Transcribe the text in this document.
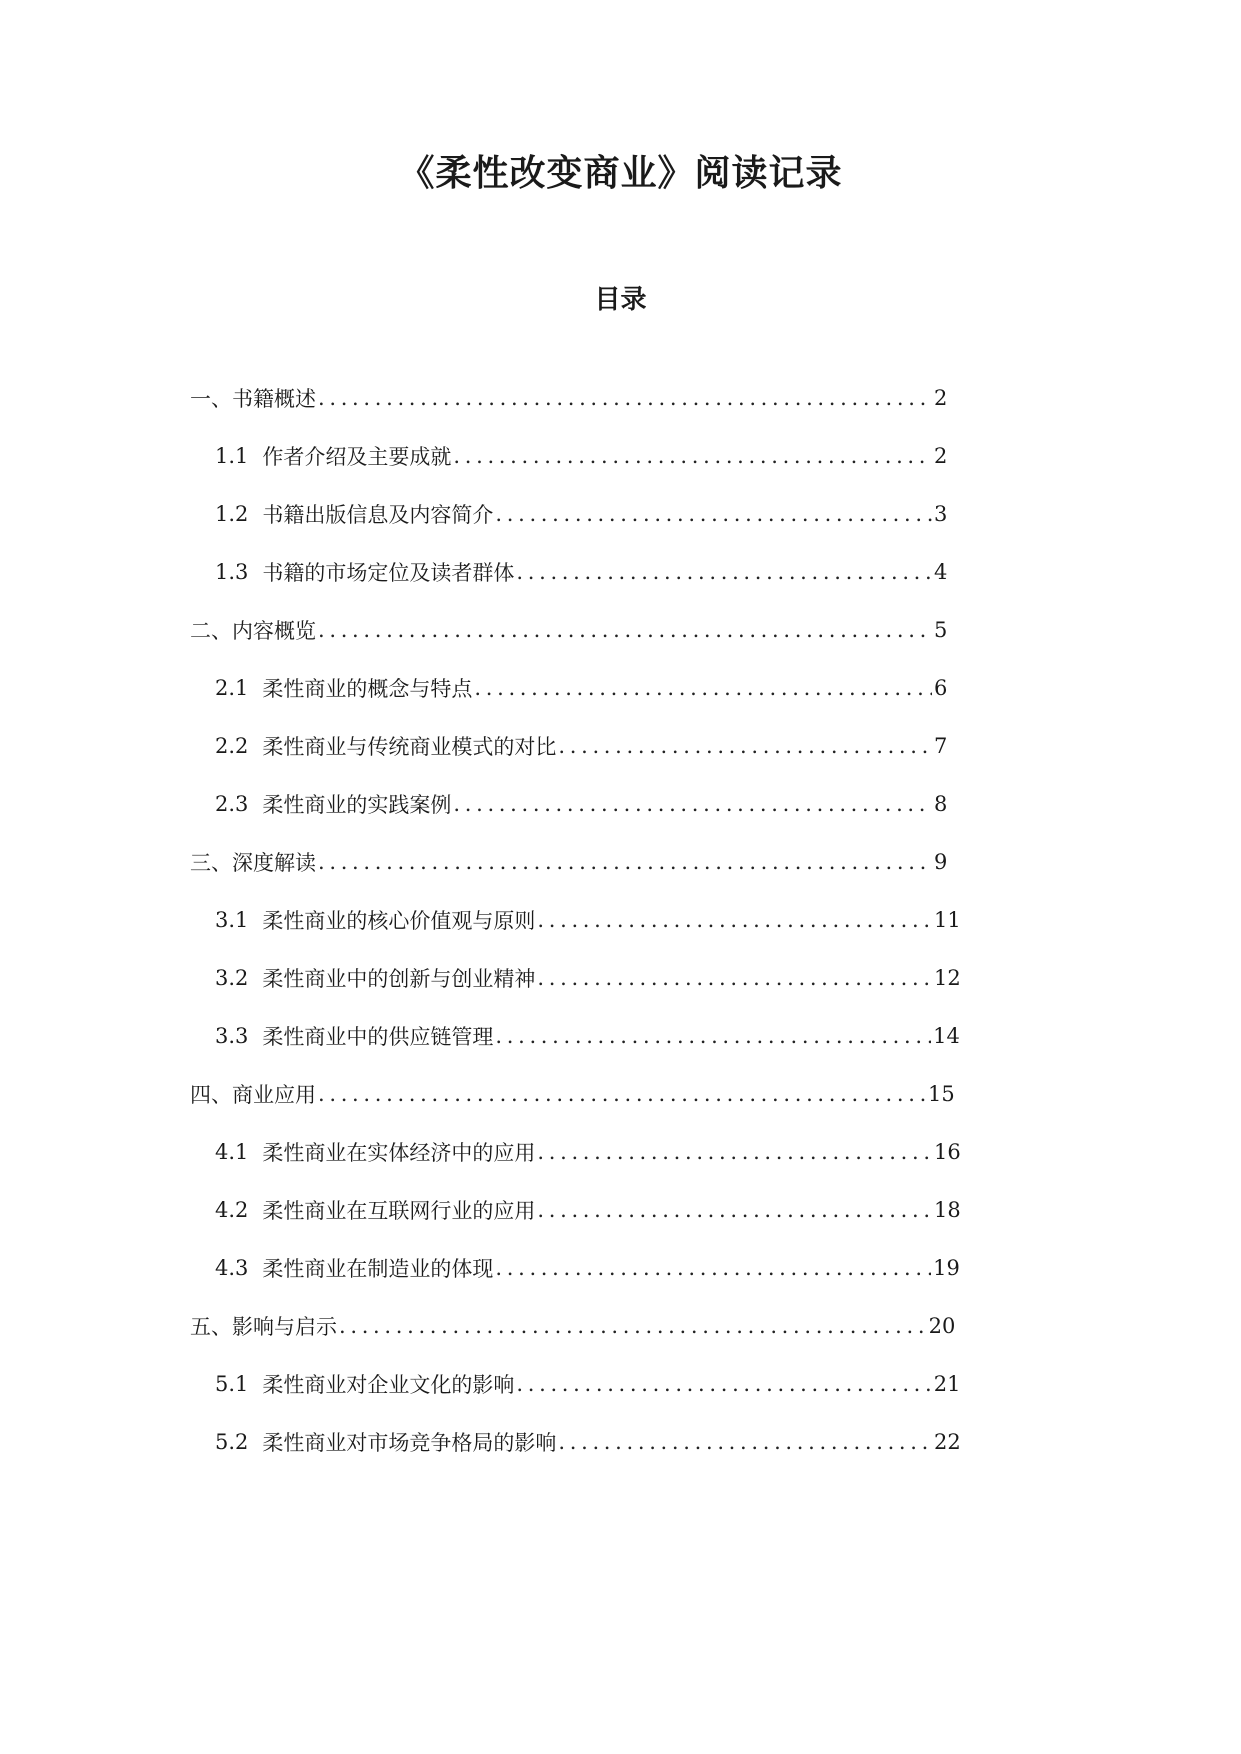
《柔性改变商业》阅读记录
目录
一、书籍概述 . . .	2
1.1 作者介绍及主要成就 . . .	2
1.2 书籍出版信息及内容简介 . . .	3
1.3 书籍的市场定位及读者群体 . . .	4
二、内容概览 . . .	5
2.1 柔性商业的概念与特点 . . .	6
2.2 柔性商业与传统商业模式的对比 . . .	7
2.3 柔性商业的实践案例 . . .	8
三、深度解读 . . .	9
3.1 柔性商业的核心价值观与原则 . . .	11
3.2 柔性商业中的创新与创业精神 . . .	12
3.3 柔性商业中的供应链管理 . . .	14
四、商业应用 . . .	15
4.1 柔性商业在实体经济中的应用 . . .	16
4.2 柔性商业在互联网行业的应用 . . .	18
4.3 柔性商业在制造业的体现 . . .	19
五、影响与启示 . . .	20
5.1 柔性商业对企业文化的影响 . . .	21
5.2 柔性商业对市场竞争格局的影响 . . .	22
